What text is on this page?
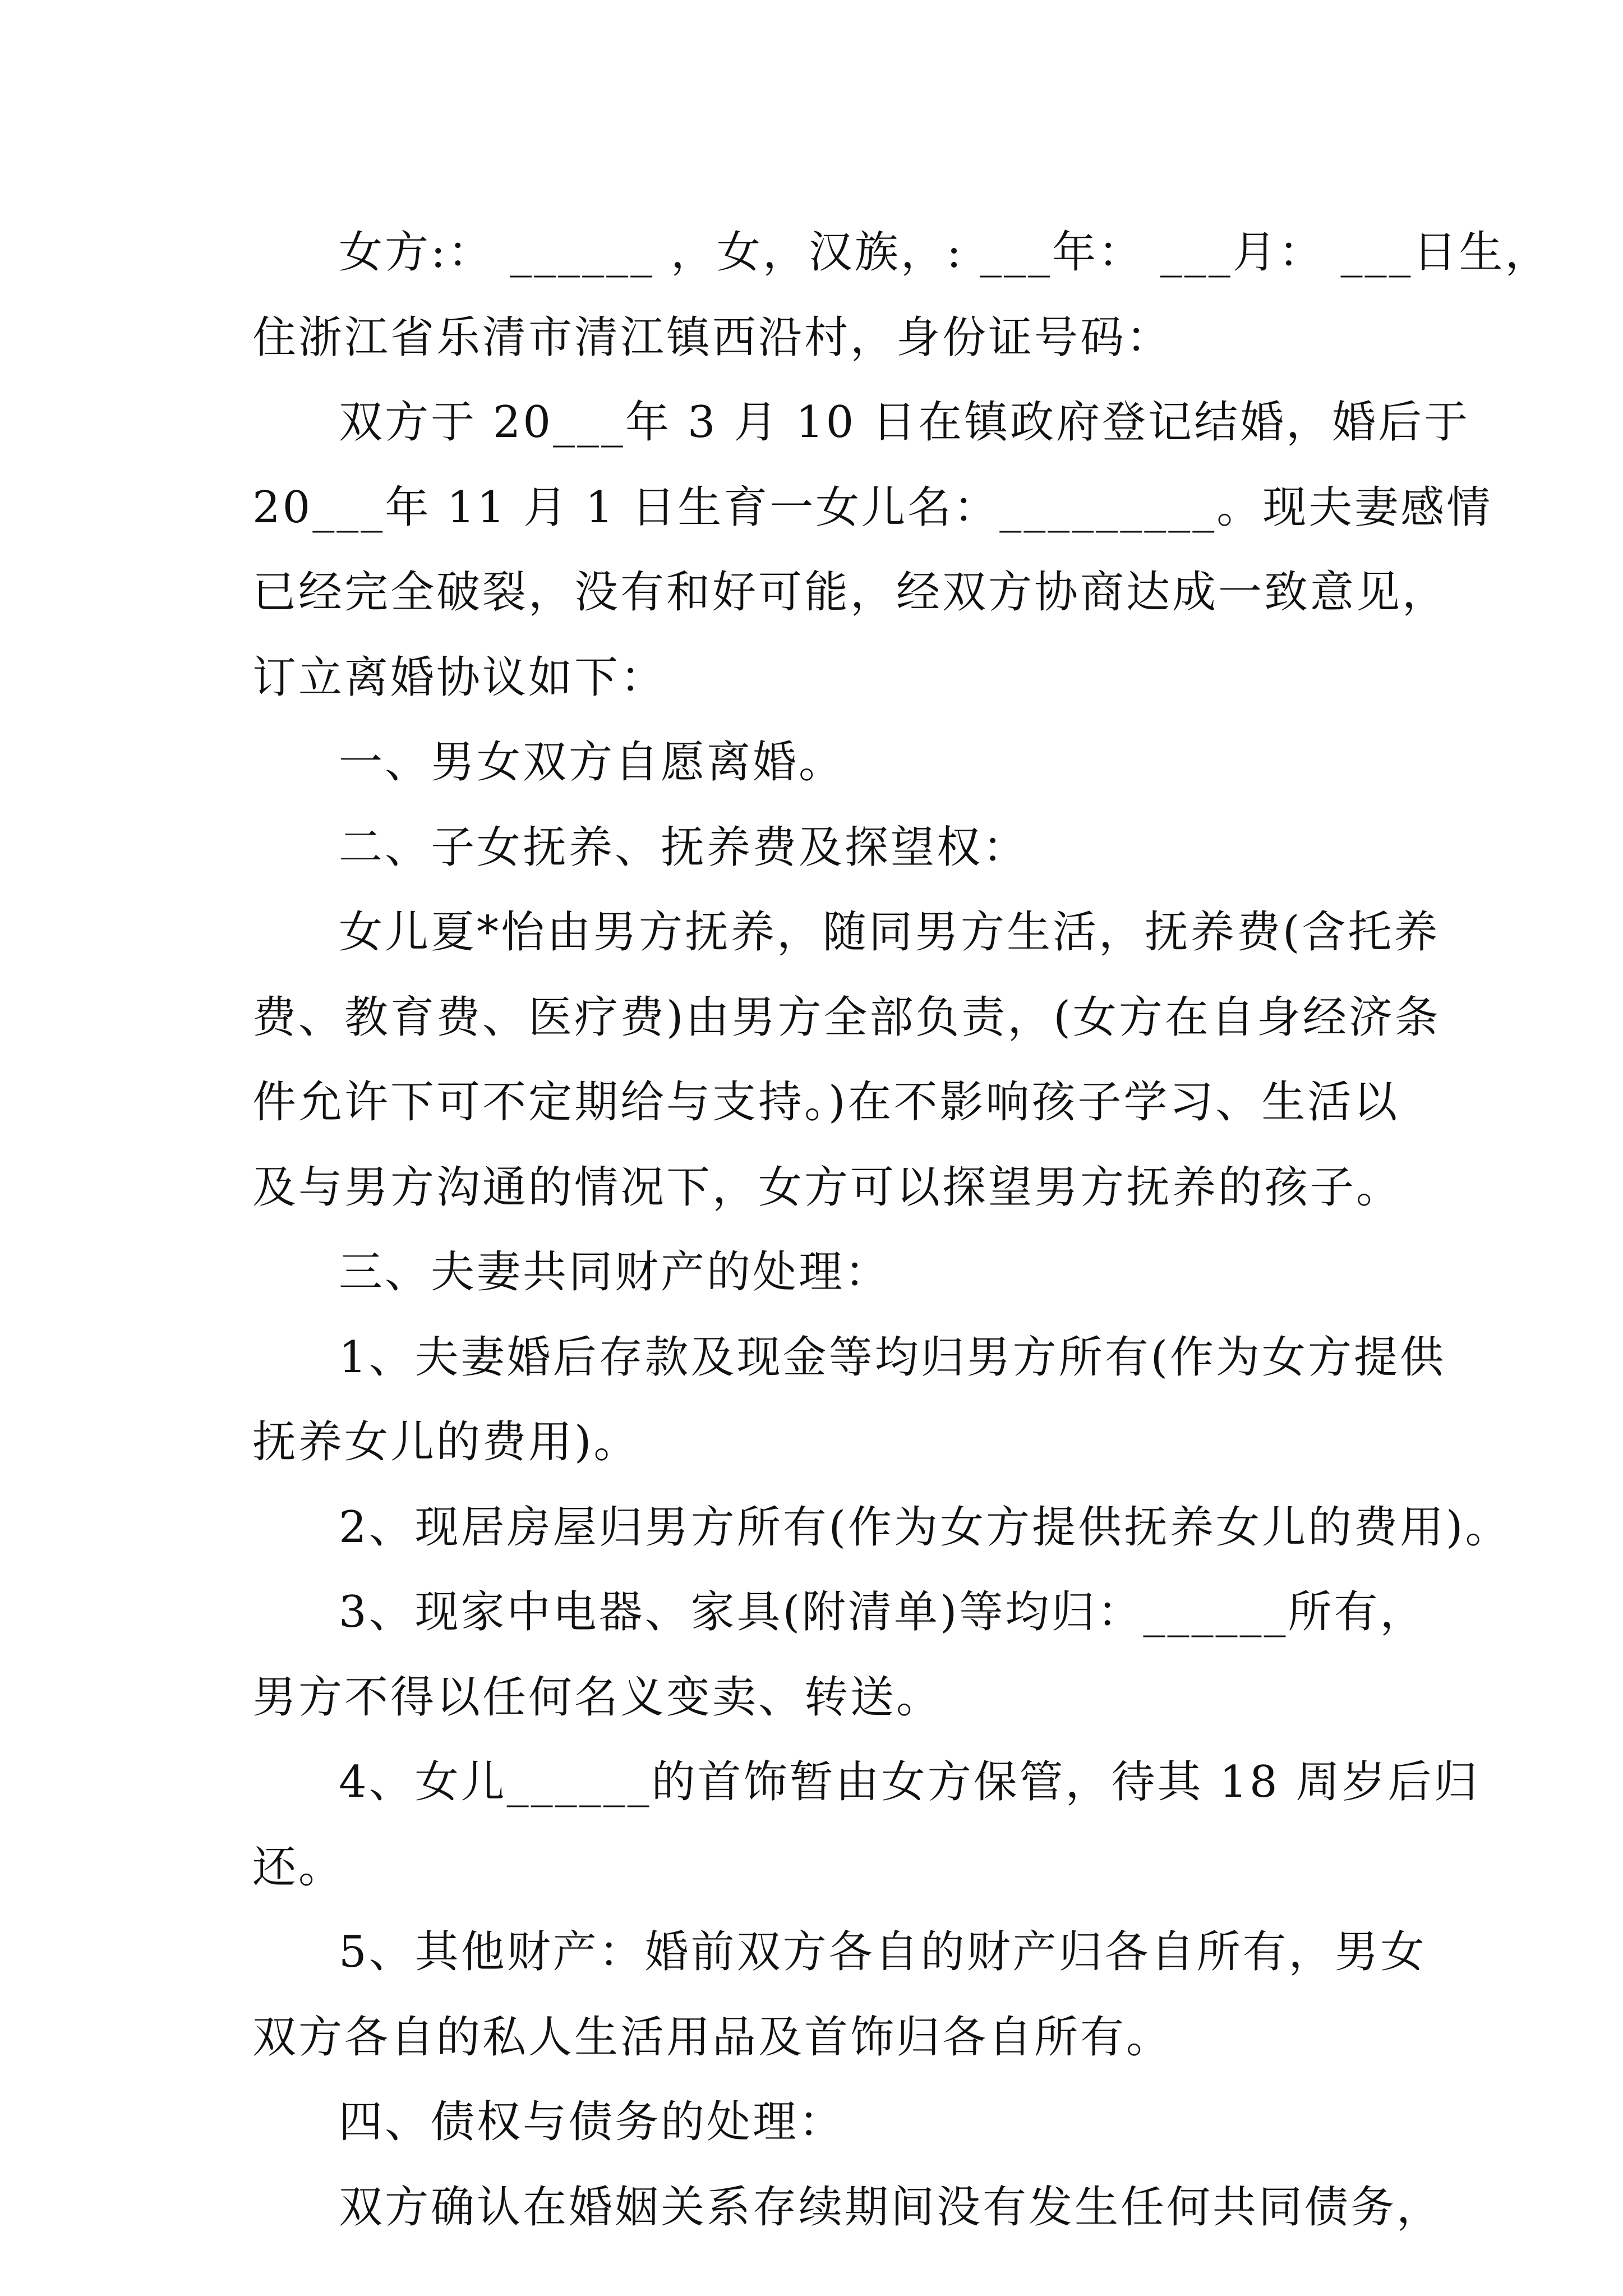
女方:： ______ ，女，汉族，: ___年： ___月： ___日生，
住浙江省乐清市清江镇西沿村，身份证号码：
双方于 20___年 3 月 10 日在镇政府登记结婚，婚后于
20___年 11 月 1 日生育一女儿名：_________。现夫妻感情
已经完全破裂，没有和好可能，经双方协商达成一致意见，
订立离婚协议如下：
一、男女双方自愿离婚。
二、子女抚养、抚养费及探望权：
女儿夏*怡由男方抚养，随同男方生活，抚养费(含托养
费、教育费、医疗费)由男方全部负责，(女方在自身经济条
件允许下可不定期给与支持。)在不影响孩子学习、生活以
及与男方沟通的情况下，女方可以探望男方抚养的孩子。
三、夫妻共同财产的处理：
1、夫妻婚后存款及现金等均归男方所有(作为女方提供
抚养女儿的费用)。
2、现居房屋归男方所有(作为女方提供抚养女儿的费用)。
3、现家中电器、家具(附清单)等均归：______所有，
男方不得以任何名义变卖、转送。
4、女儿______的首饰暂由女方保管，待其 18 周岁后归
还。
5、其他财产：婚前双方各自的财产归各自所有，男女
双方各自的私人生活用品及首饰归各自所有。
四、债权与债务的处理：
双方确认在婚姻关系存续期间没有发生任何共同债务，
